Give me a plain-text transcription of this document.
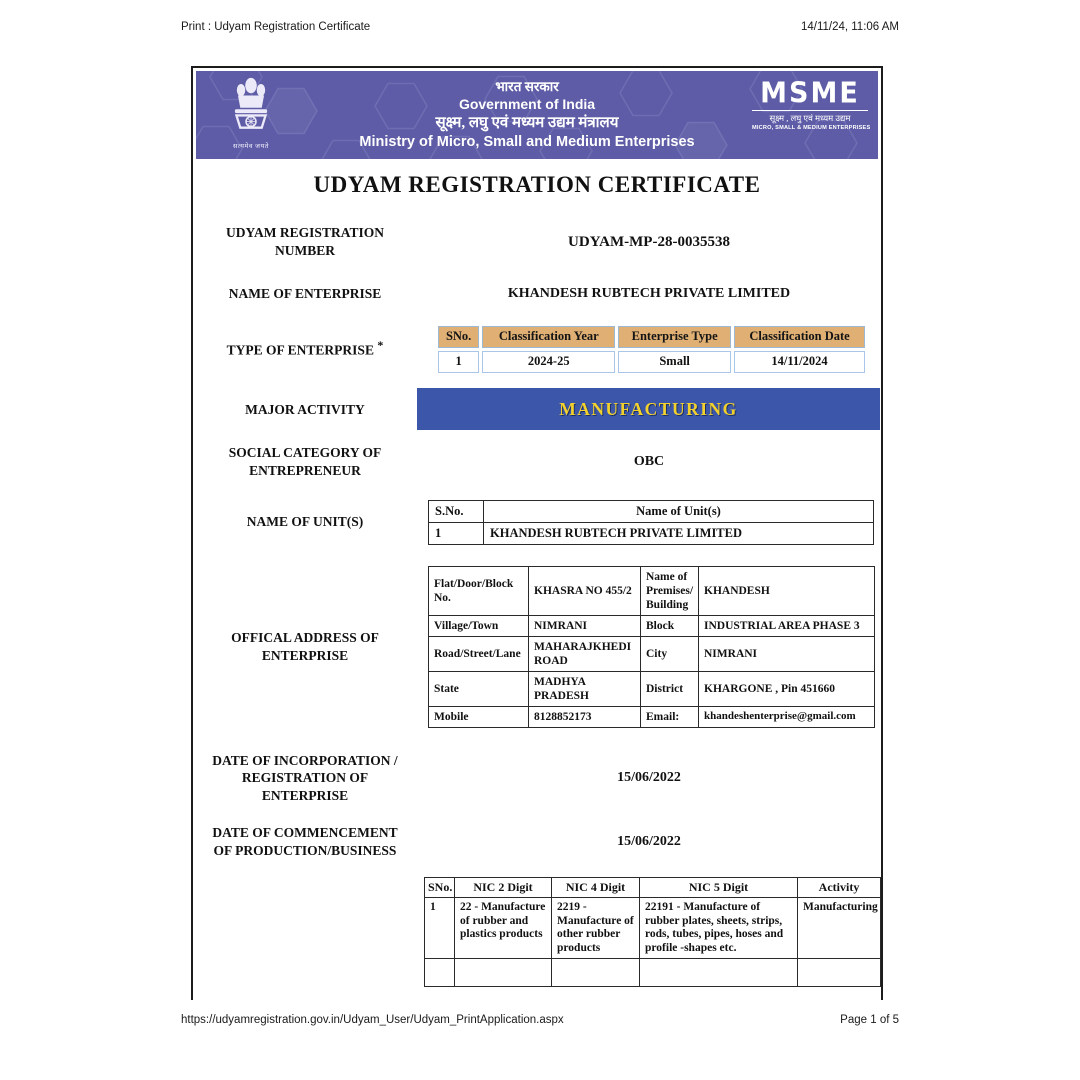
Print : Udyam Registration Certificate	14/11/24, 11:06 AM
सत्यमेव जयते
भारत सरकार
Government of India
सूक्ष्म, लघु एवं मध्यम उद्यम मंत्रालय
Ministry of Micro, Small and Medium Enterprises
MSME
सूक्ष्म , लघु एवं मध्यम उद्यम
MICRO, SMALL & MEDIUM ENTERPRISES
UDYAM REGISTRATION CERTIFICATE
UDYAM REGISTRATION NUMBER
UDYAM-MP-28-0035538
NAME OF ENTERPRISE	KHANDESH RUBTECH PRIVATE LIMITED
TYPE OF ENTERPRISE *
SNo.	Classification Year	Enterprise Type	Classification Date
1	2024-25	Small	14/11/2024
MAJOR ACTIVITY	MANUFACTURING
SOCIAL CATEGORY OF ENTREPRENEUR
OBC
NAME OF UNIT(S)
S.No.	Name of Unit(s)
1	KHANDESH RUBTECH PRIVATE LIMITED
OFFICAL ADDRESS OF ENTERPRISE
Flat/Door/Block No.	KHASRA NO 455/2	Name of Premises/ Building	KHANDESH
Village/Town	NIMRANI	Block	INDUSTRIAL AREA PHASE 3
Road/Street/Lane	MAHARAJKHEDI ROAD	City	NIMRANI
State	MADHYA PRADESH	District	KHARGONE , Pin 451660
Mobile	8128852173	Email:	khandeshenterprise@gmail.com
DATE OF INCORPORATION / REGISTRATION OF ENTERPRISE
15/06/2022
DATE OF COMMENCEMENT OF PRODUCTION/BUSINESS
15/06/2022
SNo.	NIC 2 Digit	NIC 4 Digit	NIC 5 Digit	Activity
1	22 - Manufacture of rubber and plastics products	2219 - Manufacture of other rubber products	22191 - Manufacture of rubber plates, sheets, strips, rods, tubes, pipes, hoses and profile -shapes etc.	Manufacturing

https://udyamregistration.gov.in/Udyam_User/Udyam_PrintApplication.aspx	Page 1 of 5
